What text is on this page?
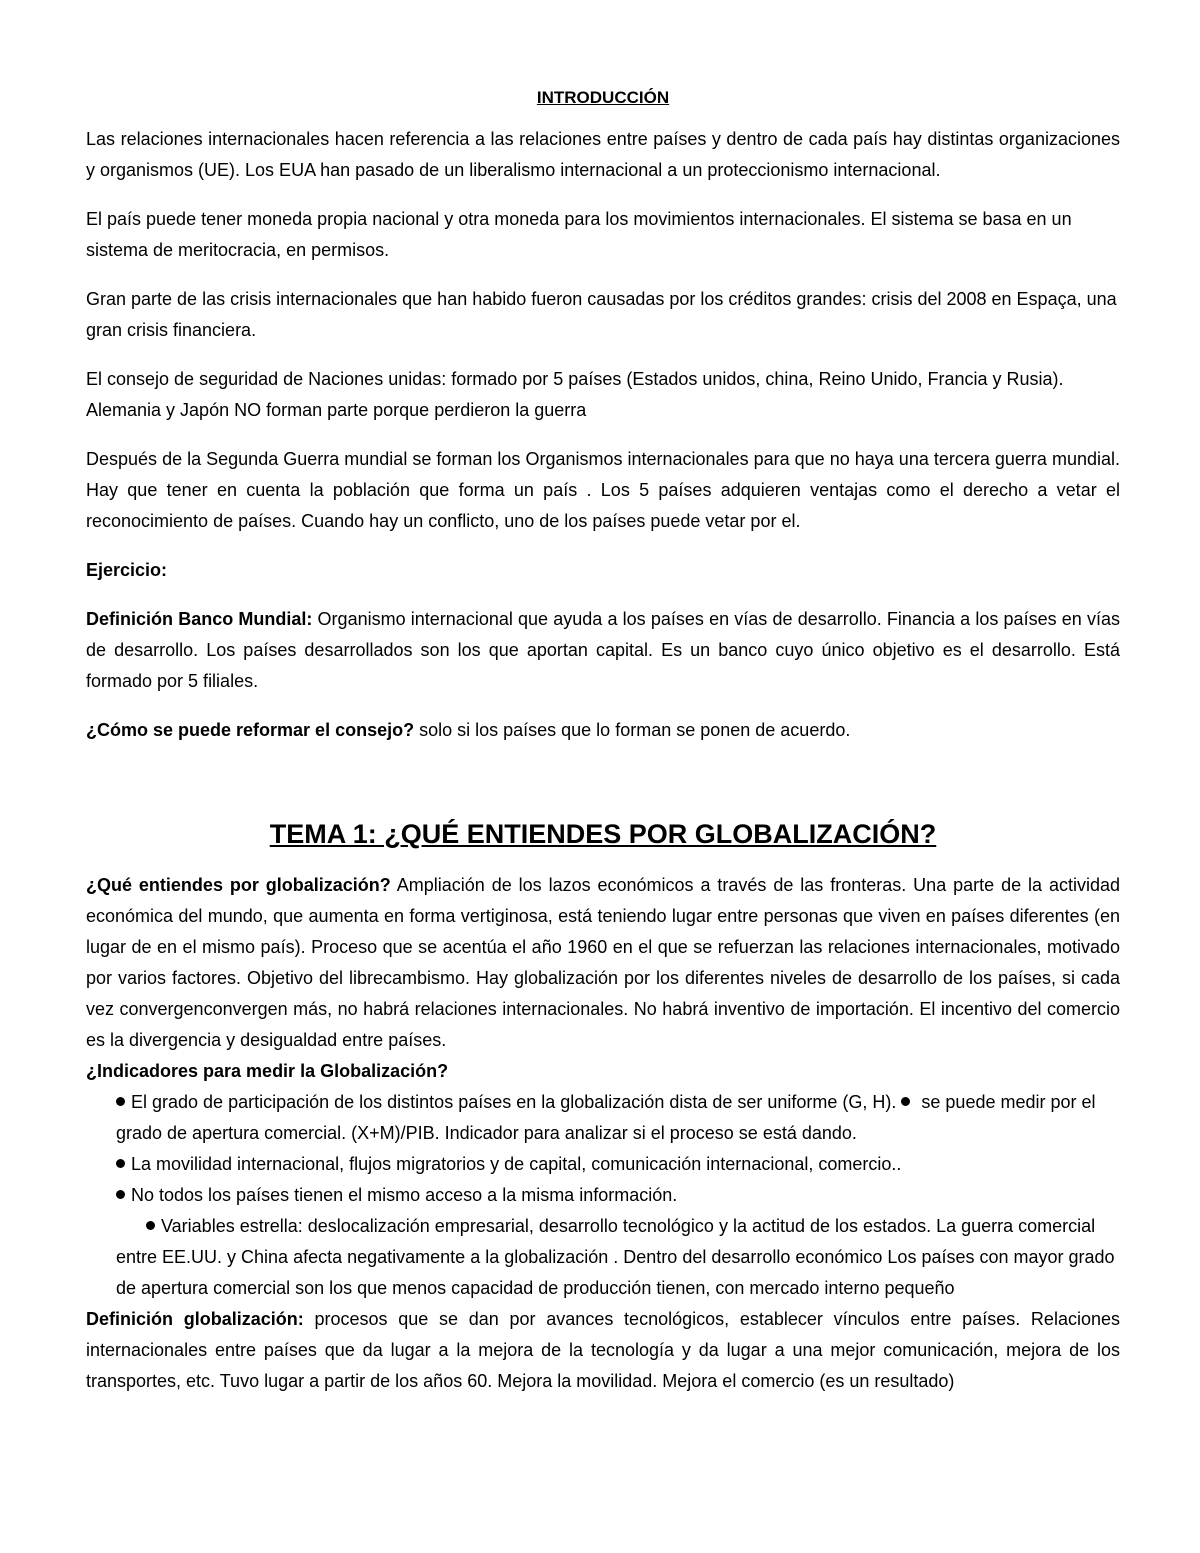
INTRODUCCIÓN

Las relaciones internacionales hacen referencia a las relaciones entre países y dentro de cada país hay distintas organizaciones y organismos (UE). Los EUA han pasado de un liberalismo internacional a un proteccionismo internacional.

El país puede tener moneda propia nacional y otra moneda para los movimientos internacionales. El sistema se basa en un sistema de meritocracia, en permisos.

Gran parte de las crisis internacionales que han habido fueron causadas por los créditos grandes: crisis del 2008 en Espaça, una gran crisis financiera.

El consejo de seguridad de Naciones unidas: formado por 5 países (Estados unidos, china, Reino Unido, Francia y Rusia). Alemania y Japón NO forman parte porque perdieron la guerra

Después de la Segunda Guerra mundial se forman los Organismos internacionales para que no haya una tercera guerra mundial. Hay que tener en cuenta la población que forma un país . Los 5 países adquieren ventajas como el derecho a vetar el reconocimiento de países. Cuando hay un conflicto, uno de los países puede vetar por el.

Ejercicio:

Definición Banco Mundial: Organismo internacional que ayuda a los países en vías de desarrollo. Financia a los países en vías de desarrollo. Los países desarrollados son los que aportan capital. Es un banco cuyo único objetivo es el desarrollo. Está formado por 5 filiales.

¿Cómo se puede reformar el consejo? solo si los países que lo forman se ponen de acuerdo.

TEMA 1: ¿QUÉ ENTIENDES POR GLOBALIZACIÓN?

¿Qué entiendes por globalización? Ampliación de los lazos económicos a través de las fronteras. Una parte de la actividad económica del mundo, que aumenta en forma vertiginosa, está teniendo lugar entre personas que viven en países diferentes (en lugar de en el mismo país). Proceso que se acentúa el año 1960 en el que se refuerzan las relaciones internacionales, motivado por varios factores. Objetivo del librecambismo. Hay globalización por los diferentes niveles de desarrollo de los países, si cada vez convergenconvergen más, no habrá relaciones internacionales. No habrá inventivo de importación. El incentivo del comercio es la divergencia y desigualdad entre países.

¿Indicadores para medir la Globalización?

El grado de participación de los distintos países en la globalización dista de ser uniforme (G, H).  se puede medir por el grado de apertura comercial. (X+M)/PIB. Indicador para analizar si el proceso se está dando.
La movilidad internacional, flujos migratorios y de capital, comunicación internacional, comercio..
No todos los países tienen el mismo acceso a la misma información.
Variables estrella: deslocalización empresarial, desarrollo tecnológico y la actitud de los estados. La guerra comercial entre EE.UU. y China afecta negativamente a la globalización . Dentro del desarrollo económico Los países con mayor grado de apertura comercial son los que menos capacidad de producción tienen, con mercado interno pequeño

Definición globalización: procesos que se dan por avances tecnológicos, establecer vínculos entre países. Relaciones internacionales entre países que da lugar a la mejora de la tecnología y da lugar a una mejor comunicación, mejora de los transportes, etc. Tuvo lugar a partir de los años 60. Mejora la movilidad. Mejora el comercio (es un resultado)
